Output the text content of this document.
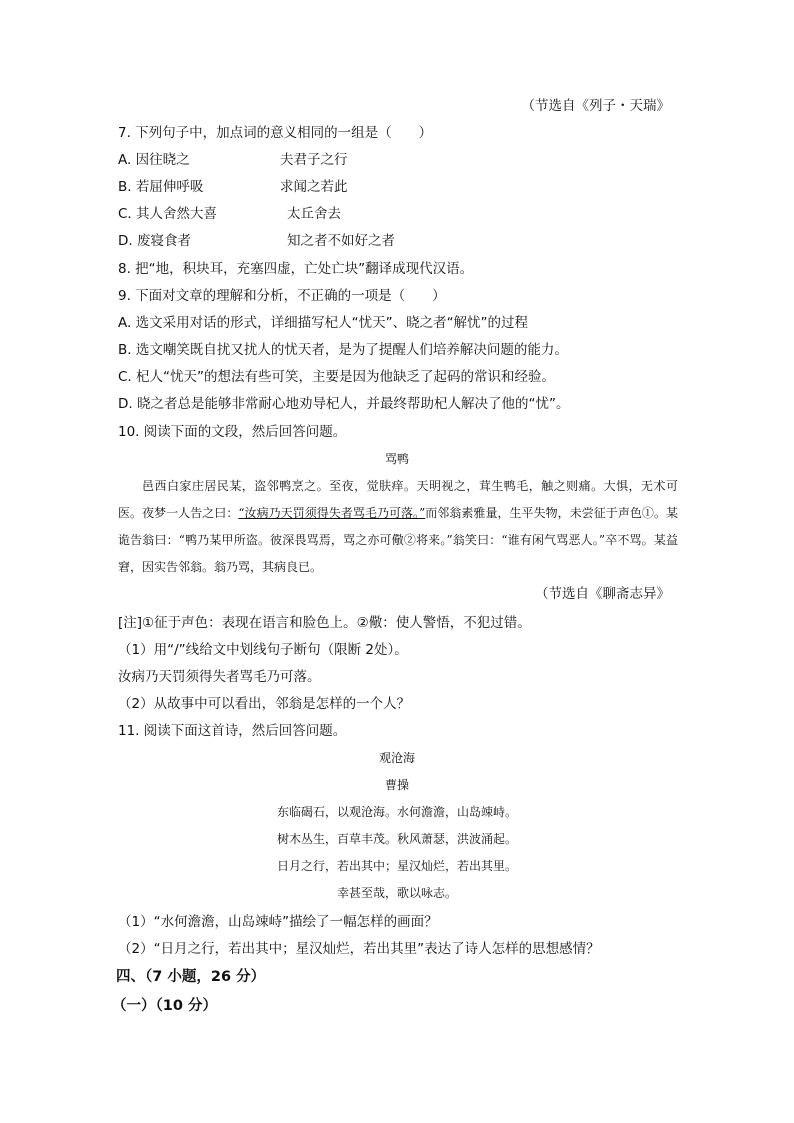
（节选自《列子・天瑞》
7. 下列句子中，加点词的意义相同的一组是（　　）
A. 因往晓之	夫君子之行
B. 若屈伸呼吸	求闻之若此
C. 其人舍然大喜	太丘舍去
D. 废寝食者	知之者不如好之者
8. 把“地，积块耳，充塞四虚，亡处亡块”翻译成现代汉语。
9. 下面对文章的理解和分析，不正确的一项是（　　）
A. 选文采用对话的形式，详细描写杞人“忧天”、晓之者“解忧”的过程
B. 选文嘲笑既自扰又扰人的忧天者，是为了提醒人们培养解决问题的能力。
C. 杞人“忧天”的想法有些可笑，主要是因为他缺乏了起码的常识和经验。
D. 晓之者总是能够非常耐心地劝导杞人，并最终帮助杞人解决了他的“忧”。
10. 阅读下面的文段，然后回答问题。
骂鸭
邑西白家庄居民某，盗邻鸭烹之。至夜，觉肤痒。天明视之，茸生鸭毛，触之则痛。大惧，无术可医。夜梦一人告之曰：“汝病乃天罚须得失者骂毛乃可落。”而邻翁素雅量，生平失物，未尝征于声色①。某诡告翁曰：“鸭乃某甲所盗。彼深畏骂焉，骂之亦可儆②将来。”翁笑曰：“谁有闲气骂恶人。”卒不骂。某益窘，因实告邻翁。翁乃骂，其病良已。
（节选自《聊斋志异》
[注]①征于声色：表现在语言和脸色上。②儆：使人警悟，不犯过错。
（1）用“/”线给文中划线句子断句（限断 2处）。
汝病乃天罚须得失者骂毛乃可落。
（2）从故事中可以看出，邻翁是怎样的一个人？
11. 阅读下面这首诗，然后回答问题。
观沧海
曹操
东临碣石，以观沧海。水何澹澹，山岛竦峙。
树木丛生，百草丰茂。秋风萧瑟，洪波涌起。
日月之行，若出其中；星汉灿烂，若出其里。
幸甚至哉，歌以咏志。
（1）“水何澹澹，山岛竦峙”描绘了一幅怎样的画面？
（2）“日月之行，若出其中；星汉灿烂，若出其里”表达了诗人怎样的思想感情？
四、（7 小题，26 分）
（一）（10 分）
